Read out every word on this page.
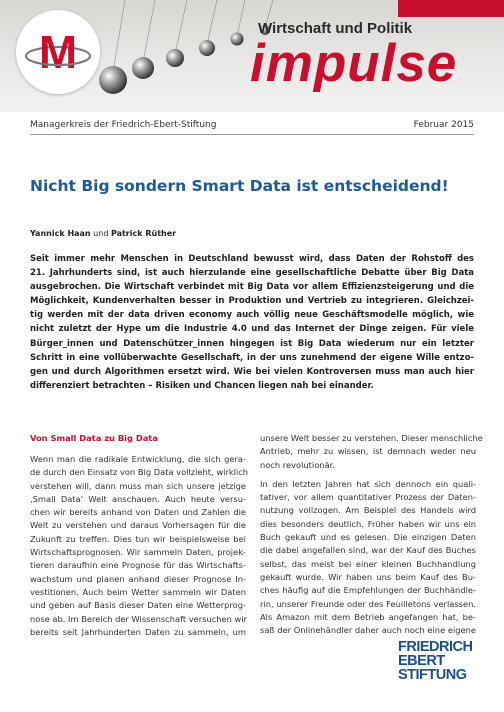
M	Wirtschaft und Politik
impulse
Managerkreis der Friedrich-Ebert-Stiftung	Februar 2015
Nicht Big sondern Smart Data ist entscheidend!
Yannick Haan und Patrick Rüther
Seit immer mehr Menschen in Deutschland bewusst wird, dass Daten der Rohstoff des
21. Jahrhunderts sind, ist auch hierzulande eine gesellschaftliche Debatte über Big Data
ausgebrochen. Die Wirtschaft verbindet mit Big Data vor allem Effizienzsteigerung und die
Möglichkeit, Kundenverhalten besser in Produktion und Vertrieb zu integrieren. Gleichzei-
tig werden mit der data driven economy auch völlig neue Geschäftsmodelle möglich, wie
nicht zuletzt der Hype um die Industrie 4.0 und das Internet der Dinge zeigen. Für viele
Bürger_innen und Datenschützer_innen hingegen ist Big Data wiederum nur ein letzter
Schritt in eine vollüberwachte Gesellschaft, in der uns zunehmend der eigene Wille entzo-
gen und durch Algorithmen ersetzt wird. Wie bei vielen Kontroversen muss man auch hier
differenziert betrachten – Risiken und Chancen liegen nah bei einander.
Von Small Data zu Big Data
Wenn man die radikale Entwicklung, die sich gera-
de durch den Einsatz von Big Data vollzieht, wirklich
verstehen will, dann muss man sich unsere jetzige
‚Small Data‘ Welt anschauen. Auch heute versu-
chen wir bereits anhand von Daten und Zahlen die
Welt zu verstehen und daraus Vorhersagen für die
Zukunft zu treffen. Dies tun wir beispielsweise bei
Wirtschaftsprognosen. Wir sammeln Daten, projek-
tieren daraufhin eine Prognose für das Wirtschafts-
wachstum und planen anhand dieser Prognose In-
vestitionen. Auch beim Wetter sammeln wir Daten
und geben auf Basis dieser Daten eine Wetterprog-
nose ab. Im Bereich der Wissenschaft versuchen wir
bereits seit Jahrhunderten Daten zu sammeln, um
unsere Welt besser zu verstehen. Dieser menschliche
Antrieb, mehr zu wissen, ist demnach weder neu
noch revolutionär.
In den letzten Jahren hat sich dennoch ein quali-
tativer, vor allem quantitativer Prozess der Daten-
nutzung vollzogen. Am Beispiel des Handels wird
dies besonders deutlich. Früher haben wir uns ein
Buch gekauft und es gelesen. Die einzigen Daten
die dabei angefallen sind, war der Kauf des Buches
selbst, das meist bei einer kleinen Buchhandlung
gekauft wurde. Wir haben uns beim Kauf des Bu-
ches häufig auf die Empfehlungen der Buchhändle-
rin, unserer Freunde oder des Feuilletons verlassen.
Als Amazon mit dem Betrieb angefangen hat, be-
saß der Onlinehändler daher auch noch eine eigene
FRIEDRICH
EBERT
STIFTUNG
